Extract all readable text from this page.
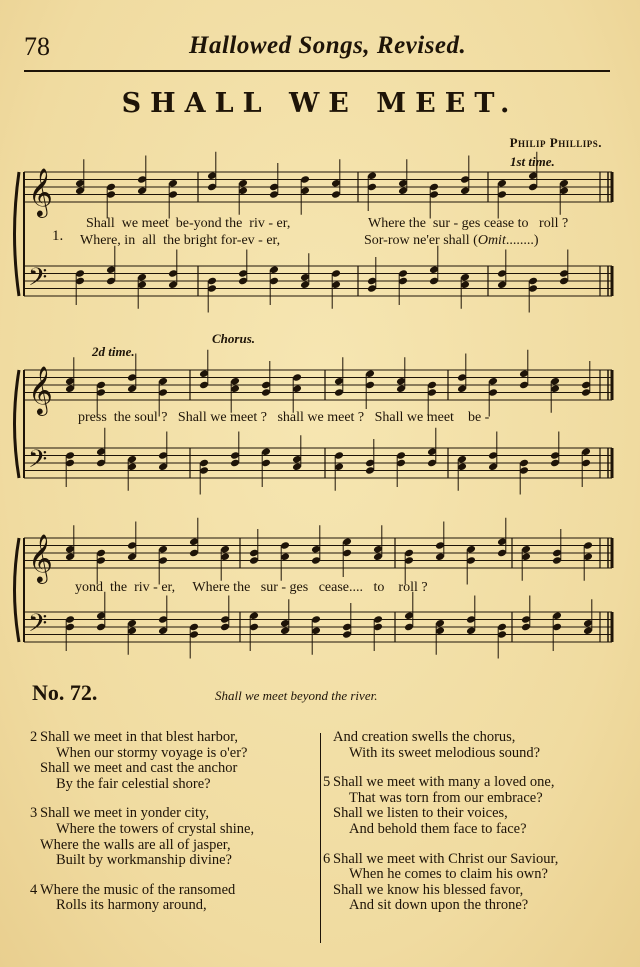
78	Hallowed Songs, Revised.
SHALL WE MEET.
Philip Phillips.
𝄞
𝄢
𝄞
𝄢
𝄞
𝄢
1st time.
2d time.
Chorus.
1.
Shall  we meet  be-yond the  riv - er,	Where the  sur - ges cease to   roll ?
Where, in  all  the bright for-ev - er,	Sor-row ne'er shall (Omit........)
press  the soul ?   Shall we meet ?   shall we meet ?   Shall we meet    be -
yond  the  riv - er,     Where the   sur - ges   cease....   to    roll ?
No. 72.	Shall we meet beyond the river.
2 Shall we meet in that blest harbor,
When our stormy voyage is o'er?
Shall we meet and cast the anchor
By the fair celestial shore?
3 Shall we meet in yonder city,
Where the towers of crystal shine,
Where the walls are all of jasper,
Built by workmanship divine?
4 Where the music of the ransomed
Rolls its harmony around,
And creation swells the chorus,
With its sweet melodious sound?
5 Shall we meet with many a loved one,
That was torn from our embrace?
Shall we listen to their voices,
And behold them face to face?
6 Shall we meet with Christ our Saviour,
When he comes to claim his own?
Shall we know his blessed favor,
And sit down upon the throne?
